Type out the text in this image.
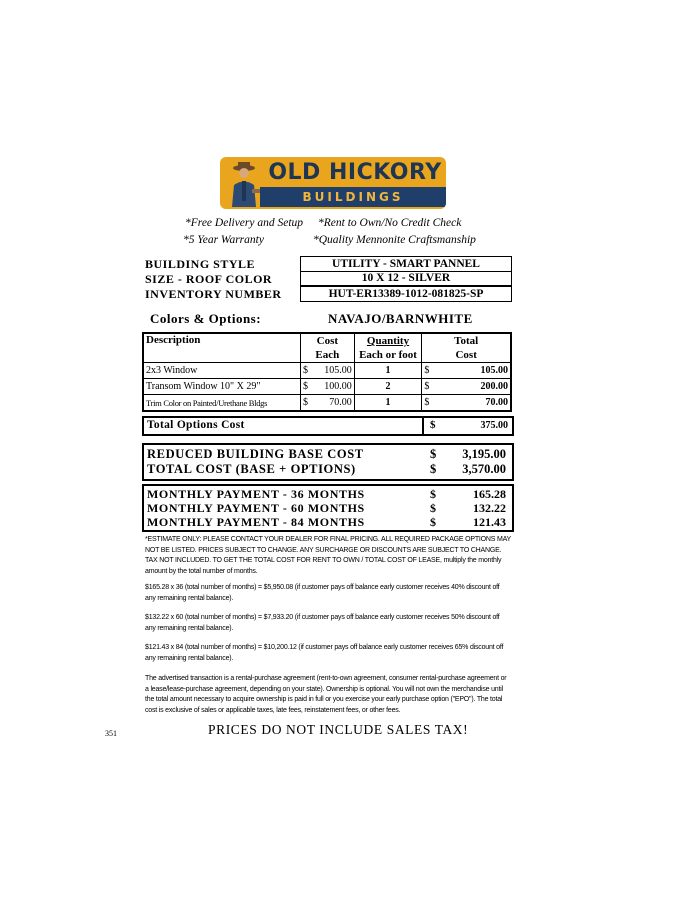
OLD HICKORY
BUILDINGS
*Free Delivery and Setup *Rent to Own/No Credit Check
*5 Year Warranty	*Quality Mennonite Craftsmanship
BUILDING STYLE	UTILITY - SMART PANNEL
SIZE - ROOF COLOR	10 X 12 - SILVER
INVENTORY NUMBER	HUT-ER13389-1012-081825-SP
Colors & Options:	NAVAJO/BARNWHITE
Description	Cost		Quantity	Total	
	Each		Each or foot	Cost	
2x3 Window	$	105.00	1	$	105.00
Transom Window 10" X 29"	$	100.00	2	$	200.00
Trim Color on Painted/Urethane Bldgs	$	70.00	1	$	70.00
Total Options Cost	$	375.00
REDUCED BUILDING BASE COST	$ 3,195.00
TOTAL COST (BASE + OPTIONS)	$ 3,570.00
MONTHLY PAYMENT - 36 MONTHS	$	165.28
MONTHLY PAYMENT - 60 MONTHS	$	132.22
MONTHLY PAYMENT - 84 MONTHS	$	121.43
*ESTIMATE ONLY: PLEASE CONTACT YOUR DEALER FOR FINAL PRICING. ALL REQUIRED PACKAGE OPTIONS MAY NOT BE LISTED. PRICES SUBJECT TO CHANGE. ANY SURCHARGE OR DISCOUNTS ARE SUBJECT TO CHANGE. TAX NOT INCLUDED. TO GET THE TOTAL COST FOR RENT TO OWN / TOTAL COST OF LEASE, multiply the monthly amount by the total number of months.
$165.28 x 36 (total number of months) = $5,950.08 (if customer pays off balance early customer receives 40% discount off any remaining rental balance).
$132.22 x 60 (total number of months) = $7,933.20 (if customer pays off balance early customer receives 50% discount off any remaining rental balance).
$121.43 x 84 (total number of months) = $10,200.12 (if customer pays off balance early customer receives 65% discount off any remaining rental balance).
The advertised transaction is a rental-purchase agreement (rent-to-own agreement, consumer rental-purchase agreement or a lease/lease-purchase agreement, depending on your state). Ownership is optional. You will not own the merchandise until the total amount necessary to acquire ownership is paid in full or you exercise your early purchase option ("EPO"). The total cost is exclusive of sales or applicable taxes, late fees, reinstatement fees, or other fees.
351	PRICES DO NOT INCLUDE SALES TAX!
